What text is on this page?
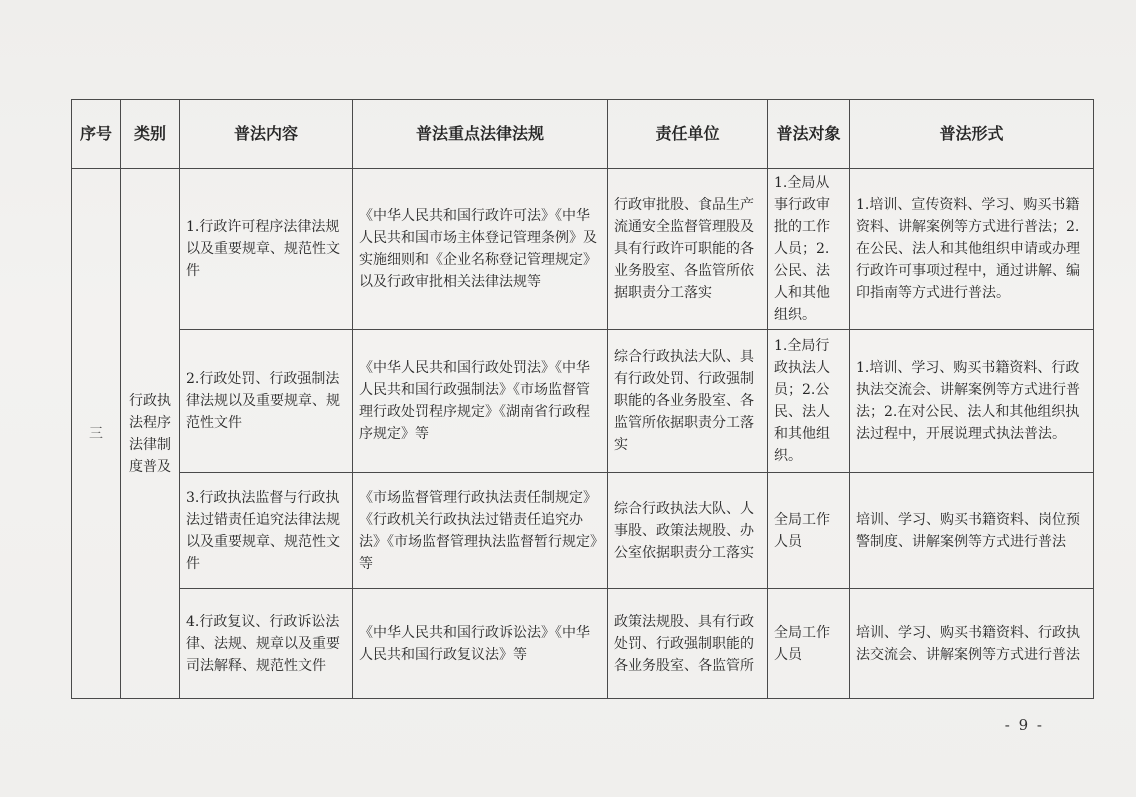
序号	类别	普法内容	普法重点法律法规	责任单位	普法对象	普法形式
三	行政执法程序法律制度普及	1.行政许可程序法律法规以及重要规章、规范性文件	《中华人民共和国行政许可法》《中华人民共和国市场主体登记管理条例》及实施细则和《企业名称登记管理规定》以及行政审批相关法律法规等	行政审批股、食品生产流通安全监督管理股及具有行政许可职能的各业务股室、各监管所依据职责分工落实	1.全局从事行政审批的工作人员；2.公民、法人和其他组织。	1.培训、宣传资料、学习、购买书籍资料、讲解案例等方式进行普法；2.在公民、法人和其他组织申请或办理行政许可事项过程中，通过讲解、编印指南等方式进行普法。
		2.行政处罚、行政强制法律法规以及重要规章、规范性文件	《中华人民共和国行政处罚法》《中华人民共和国行政强制法》《市场监督管理行政处罚程序规定》《湖南省行政程序规定》等	综合行政执法大队、具有行政处罚、行政强制职能的各业务股室、各监管所依据职责分工落实	1.全局行政执法人员；2.公民、法人和其他组织。	1.培训、学习、购买书籍资料、行政执法交流会、讲解案例等方式进行普法；2.在对公民、法人和其他组织执法过程中，开展说理式执法普法。
		3.行政执法监督与行政执法过错责任追究法律法规以及重要规章、规范性文件	《市场监督管理行政执法责任制规定》《行政机关行政执法过错责任追究办法》《市场监督管理执法监督暂行规定》等	综合行政执法大队、人事股、政策法规股、办公室依据职责分工落实	全局工作人员	培训、学习、购买书籍资料、岗位预警制度、讲解案例等方式进行普法
		4.行政复议、行政诉讼法律、法规、规章以及重要司法解释、规范性文件	《中华人民共和国行政诉讼法》《中华人民共和国行政复议法》等	政策法规股、具有行政处罚、行政强制职能的各业务股室、各监管所	全局工作人员	培训、学习、购买书籍资料、行政执法交流会、讲解案例等方式进行普法
- 9 -
